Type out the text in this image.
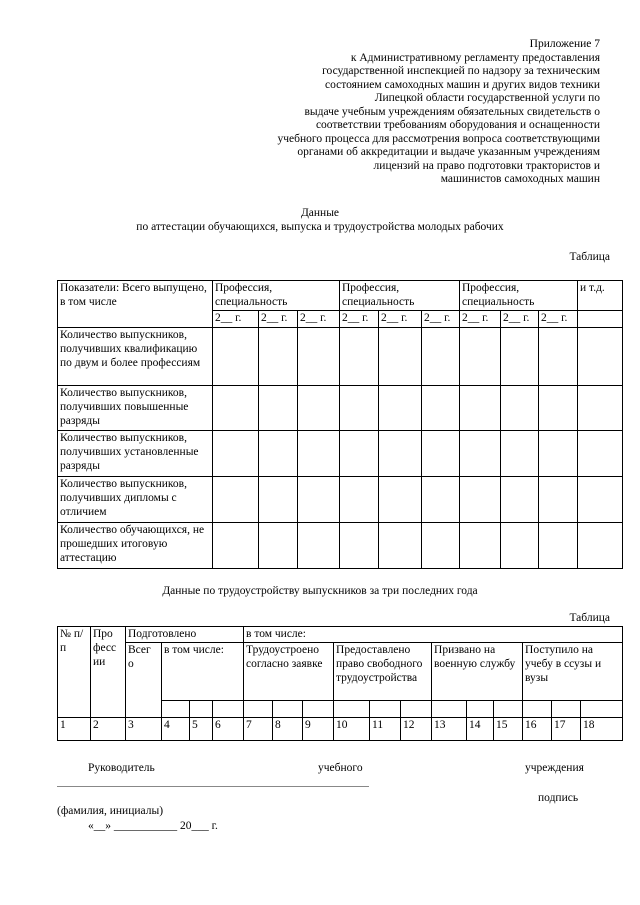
Приложение 7
к Административному регламенту предоставления
государственной инспекцией по надзору за техническим
состоянием самоходных машин и других видов техники
Липецкой области государственной услуги по
выдаче учебным учреждениям обязательных свидетельств о
соответствии требованиям оборудования и оснащенности
учебного процесса для рассмотрения вопроса соответствующими
органами об аккредитации и выдаче указанным учреждениям
лицензий на право подготовки трактористов и
машинистов самоходных машин
Данные
по аттестации обучающихся, выпуска и трудоустройства молодых рабочих
Таблица
Показатели: Всего выпущено, в том числе	Профессия, специальность			Профессия, специальность			Профессия, специальность			и т.д.
	2__ г.	2__ г.	2__ г.	2__ г.	2__ г.	2__ г.	2__ г.	2__ г.	2__ г.	
Количество выпускников, получивших квалификацию по двум и более профессиям										
Количество выпускников, получивших повышенные разряды										
Количество выпускников, получивших установленные разряды										
Количество выпускников, получивших дипломы с отличием										
Количество обучающихся, не прошедших итоговую аттестацию										
Данные по трудоустройству выпускников за три последних года
Таблица
№ п/п	Про фесс ии	Подготовлено				в том числе:											
		Всег о	в том числе:			Трудоустроено согласно заявке			Предоставлено право свободного трудоустройства			Призвано на военную службу			Поступило на учебу в ссузы и вузы		

1	2	3	4	5	6	7	8	9	10	11	12	13	14	15	16	17	18
Руководитель	учебного	учреждения
подпись
(фамилия, инициалы)
«__» ___________ 20___ г.
